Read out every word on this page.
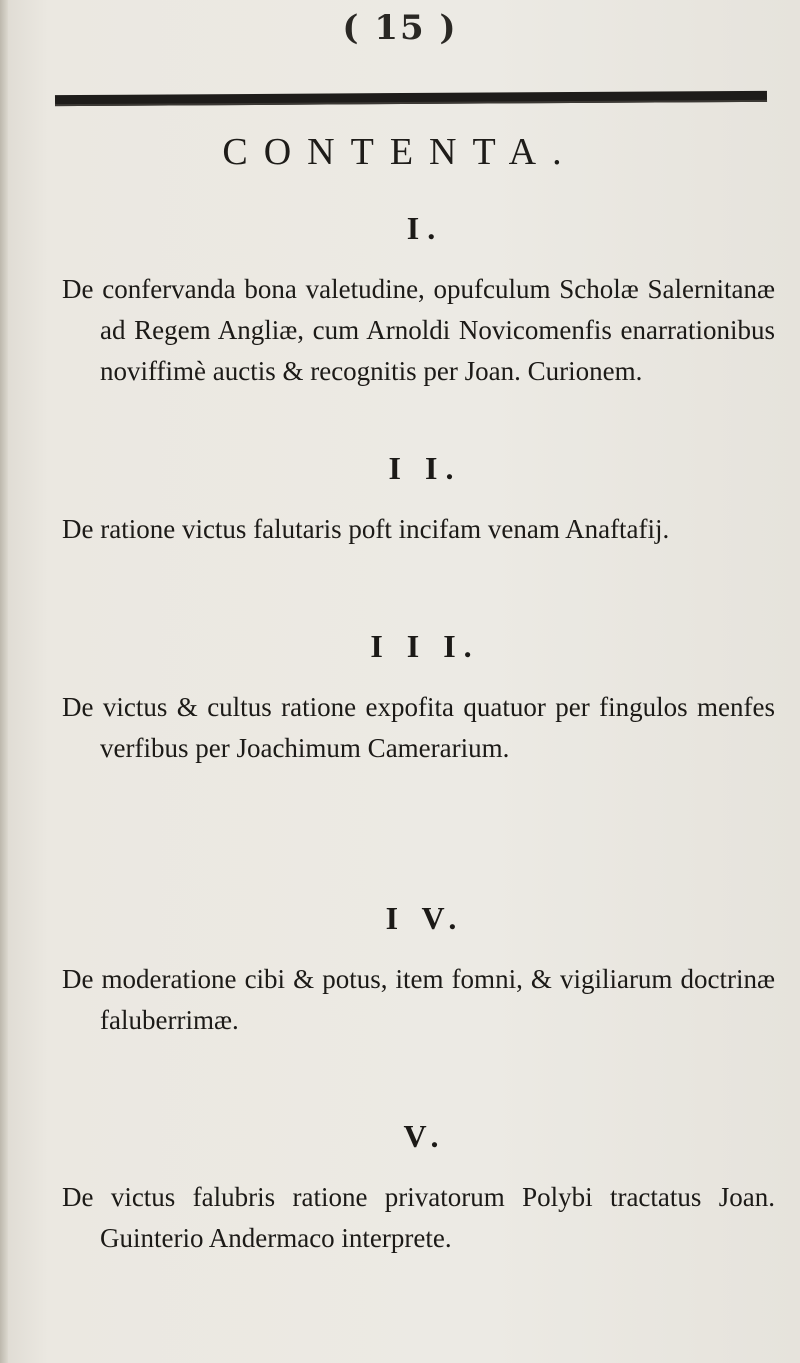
( 15 )
CONTENTA.

I.

De confervanda bona valetudine, opufculum Scholæ Salernitanæ ad Regem Angliæ, cum Arnoldi Novicomenfis enarrationibus noviffimè auctis & recognitis per Joan. Curionem.

I I.

De ratione victus falutaris poft incifam venam Anaftafij.

I I I.

De victus & cultus ratione expofita quatuor per fingulos menfes verfibus per Joachimum Camerarium.

I V.

De moderatione cibi & potus, item fomni, & vigiliarum doctrinæ faluberrimæ.

V.

De victus falubris ratione privatorum Polybi tractatus Joan. Guinterio Andermaco interprete.
